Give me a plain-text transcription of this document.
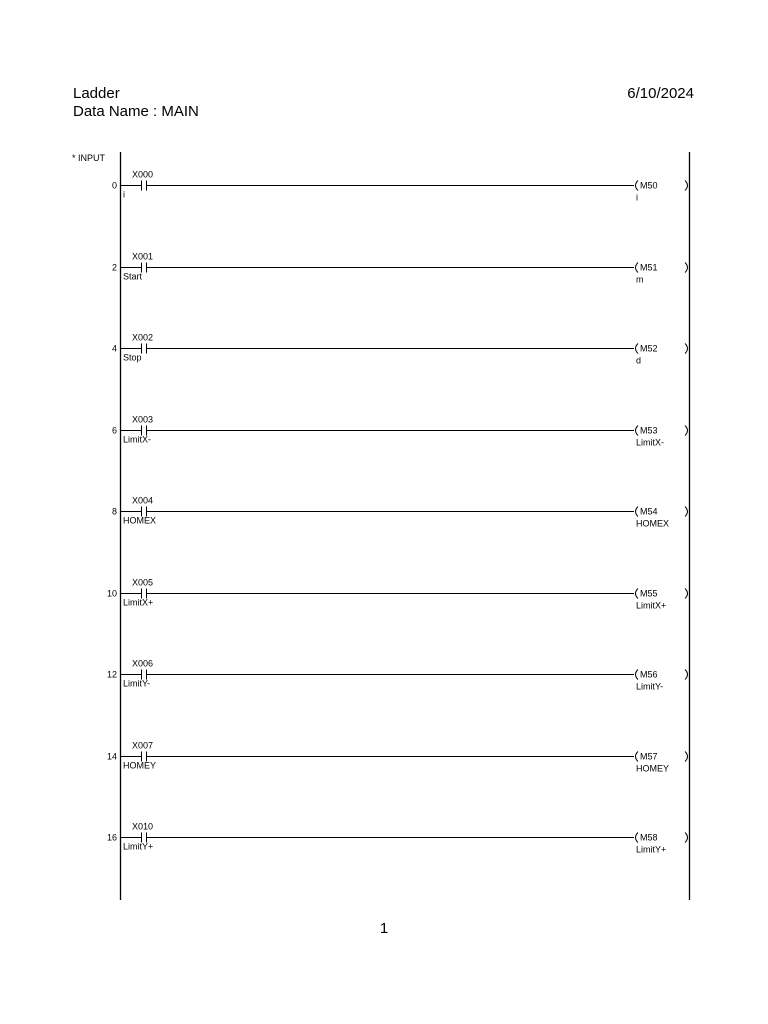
Ladder
Data Name : MAIN
6/10/2024
* INPUT
0
X000
i
M50
i
2
X001
Start
M51
m
4
X002
Stop
M52
d
6
X003
LimitX-
M53
LimitX-
8
X004
HOMEX
M54
HOMEX
10
X005
LimitX+
M55
LimitX+
12
X006
LimitY-
M56
LimitY-
14
X007
HOMEY
M57
HOMEY
16
X010
LimitY+
M58
LimitY+
1
